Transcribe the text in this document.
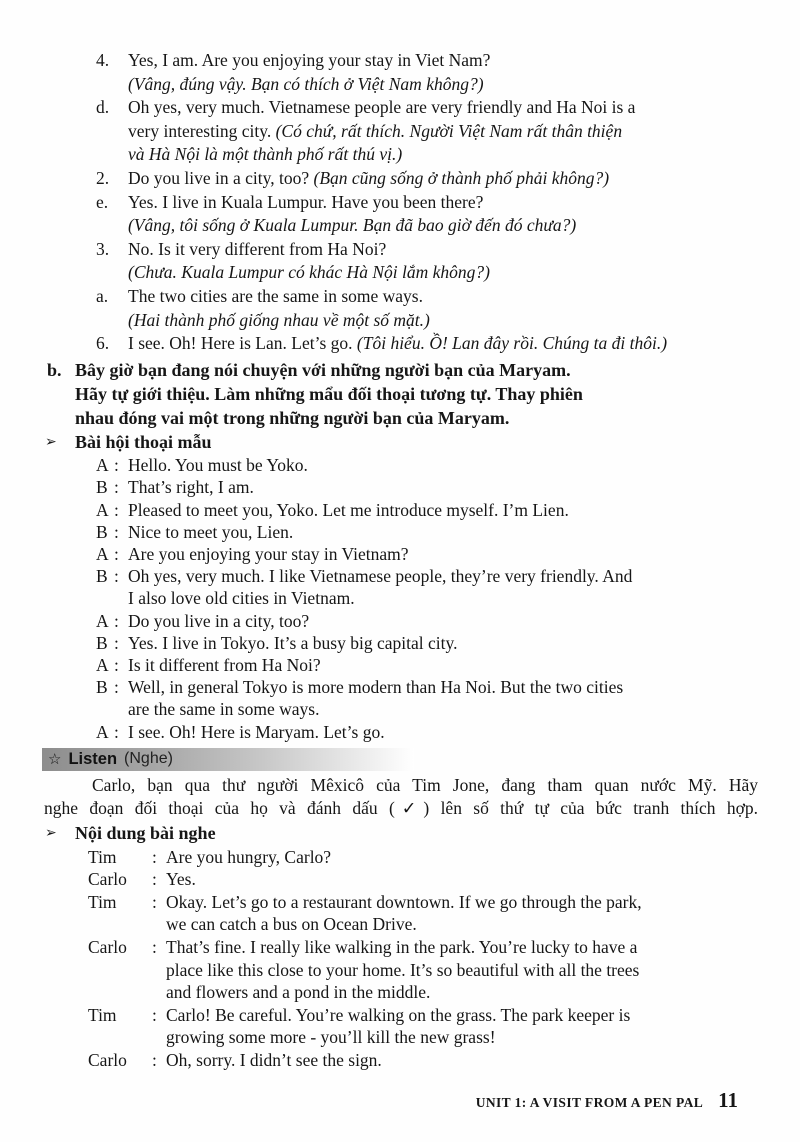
4. Yes, I am. Are you enjoying your stay in Viet Nam?
(Vâng, đúng vậy. Bạn có thích ở Việt Nam không?)
d. Oh yes, very much. Vietnamese people are very friendly and Ha Noi is a
very interesting city. (Có chứ, rất thích. Người Việt Nam rất thân thiện
và Hà Nội là một thành phố rất thú vị.)
2. Do you live in a city, too? (Bạn cũng sống ở thành phố phải không?)
e. Yes. I live in Kuala Lumpur. Have you been there?
(Vâng, tôi sống ở Kuala Lumpur. Bạn đã bao giờ đến đó chưa?)
3. No. Is it very different from Ha Noi?
(Chưa. Kuala Lumpur có khác Hà Nội lắm không?)
a. The two cities are the same in some ways.
(Hai thành phố giống nhau về một số mặt.)
6. I see. Oh! Here is Lan. Let’s go. (Tôi hiểu. Ồ! Lan đây rồi. Chúng ta đi thôi.)
b. Bây giờ bạn đang nói chuyện với những người bạn của Maryam.
Hãy tự giới thiệu. Làm những mẩu đối thoại tương tự. Thay phiên
nhau đóng vai một trong những người bạn của Maryam.
➢ Bài hội thoại mẫu
A : Hello. You must be Yoko.
B : That’s right, I am.
A : Pleased to meet you, Yoko. Let me introduce myself. I’m Lien.
B : Nice to meet you, Lien.
A : Are you enjoying your stay in Vietnam?
B : Oh yes, very much. I like Vietnamese people, they’re very friendly. And
I also love old cities in Vietnam.
A : Do you live in a city, too?
B : Yes. I live in Tokyo. It’s a busy big capital city.
A : Is it different from Ha Noi?
B : Well, in general Tokyo is more modern than Ha Noi. But the two cities
are the same in some ways.
A : I see. Oh! Here is Maryam. Let’s go.
☆ Listen (Nghe)
Carlo, bạn qua thư người Mêxicô của Tim Jone, đang tham quan nước Mỹ. Hãy
nghe đoạn đối thoại của họ và đánh dấu (✓) lên số thứ tự của bức tranh thích hợp.
➢ Nội dung bài nghe
Tim : Are you hungry, Carlo?
Carlo : Yes.
Tim : Okay. Let’s go to a restaurant downtown. If we go through the park,
we can catch a bus on Ocean Drive.
Carlo : That’s fine. I really like walking in the park. You’re lucky to have a
place like this close to your home. It’s so beautiful with all the trees
and flowers and a pond in the middle.
Tim : Carlo! Be careful. You’re walking on the grass. The park keeper is
growing some more - you’ll kill the new grass!
Carlo : Oh, sorry. I didn’t see the sign.
UNIT 1: A VISIT FROM A PEN PAL 11
